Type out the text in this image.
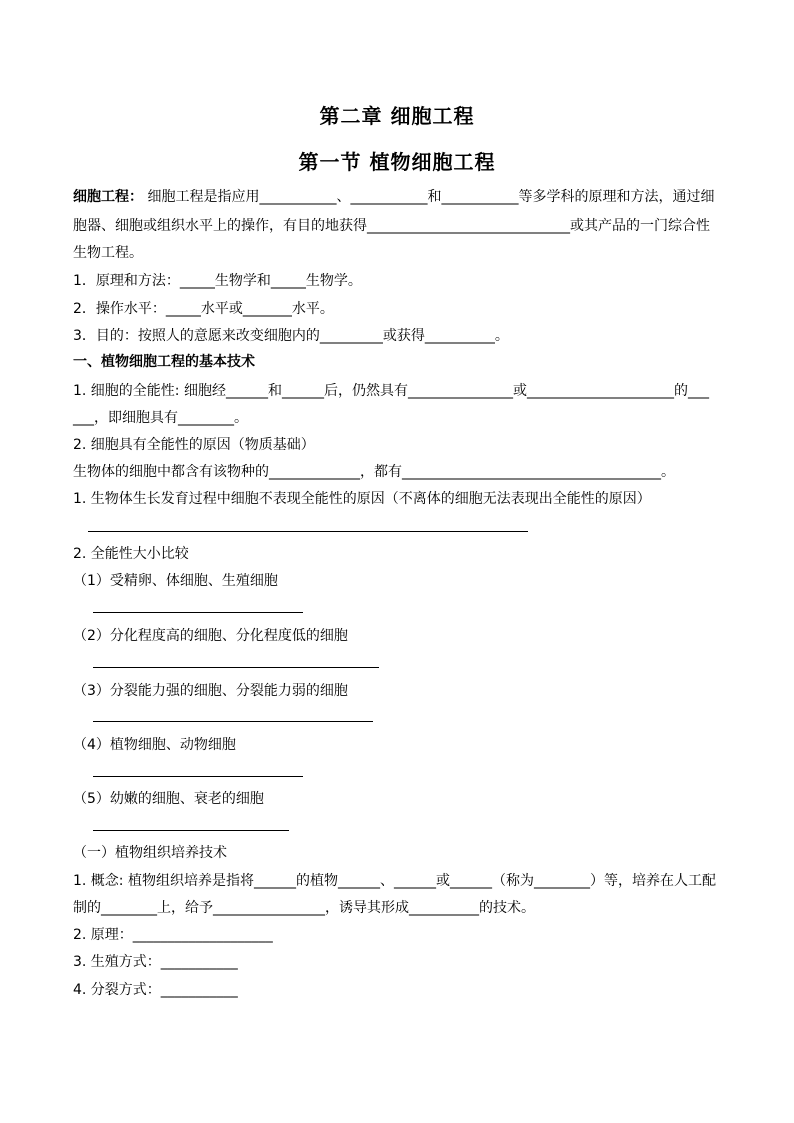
第二章 细胞工程
第一节 植物细胞工程
细胞工程： 细胞工程是指应用___________、___________和___________等多学科的原理和方法，通过细
胞器、细胞或组织水平上的操作，有目的地获得_____________________________或其产品的一门综合性
生物工程。
1．原理和方法：_____生物学和_____生物学。
2．操作水平：_____水平或_______水平。
3．目的：按照人的意愿来改变细胞内的_________或获得__________。
一、植物细胞工程的基本技术
1. 细胞的全能性: 细胞经______和______后，仍然具有_______________或_____________________的___
___，即细胞具有________。
2. 细胞具有全能性的原因（物质基础）
生物体的细胞中都含有该物种的_____________，都有_____________________________________。
1. 生物体生长发育过程中细胞不表现全能性的原因（不离体的细胞无法表现出全能性的原因）
2. 全能性大小比较
（1）受精卵、体细胞、生殖细胞
（2）分化程度高的细胞、分化程度低的细胞
（3）分裂能力强的细胞、分裂能力弱的细胞
（4）植物细胞、动物细胞
（5）幼嫩的细胞、衰老的细胞
（一）植物组织培养技术
1. 概念: 植物组织培养是指将______的植物______、______或______（称为________）等，培养在人工配
制的________上，给予________________，诱导其形成__________的技术。
2. 原理：____________________
3. 生殖方式：___________
4. 分裂方式：___________
